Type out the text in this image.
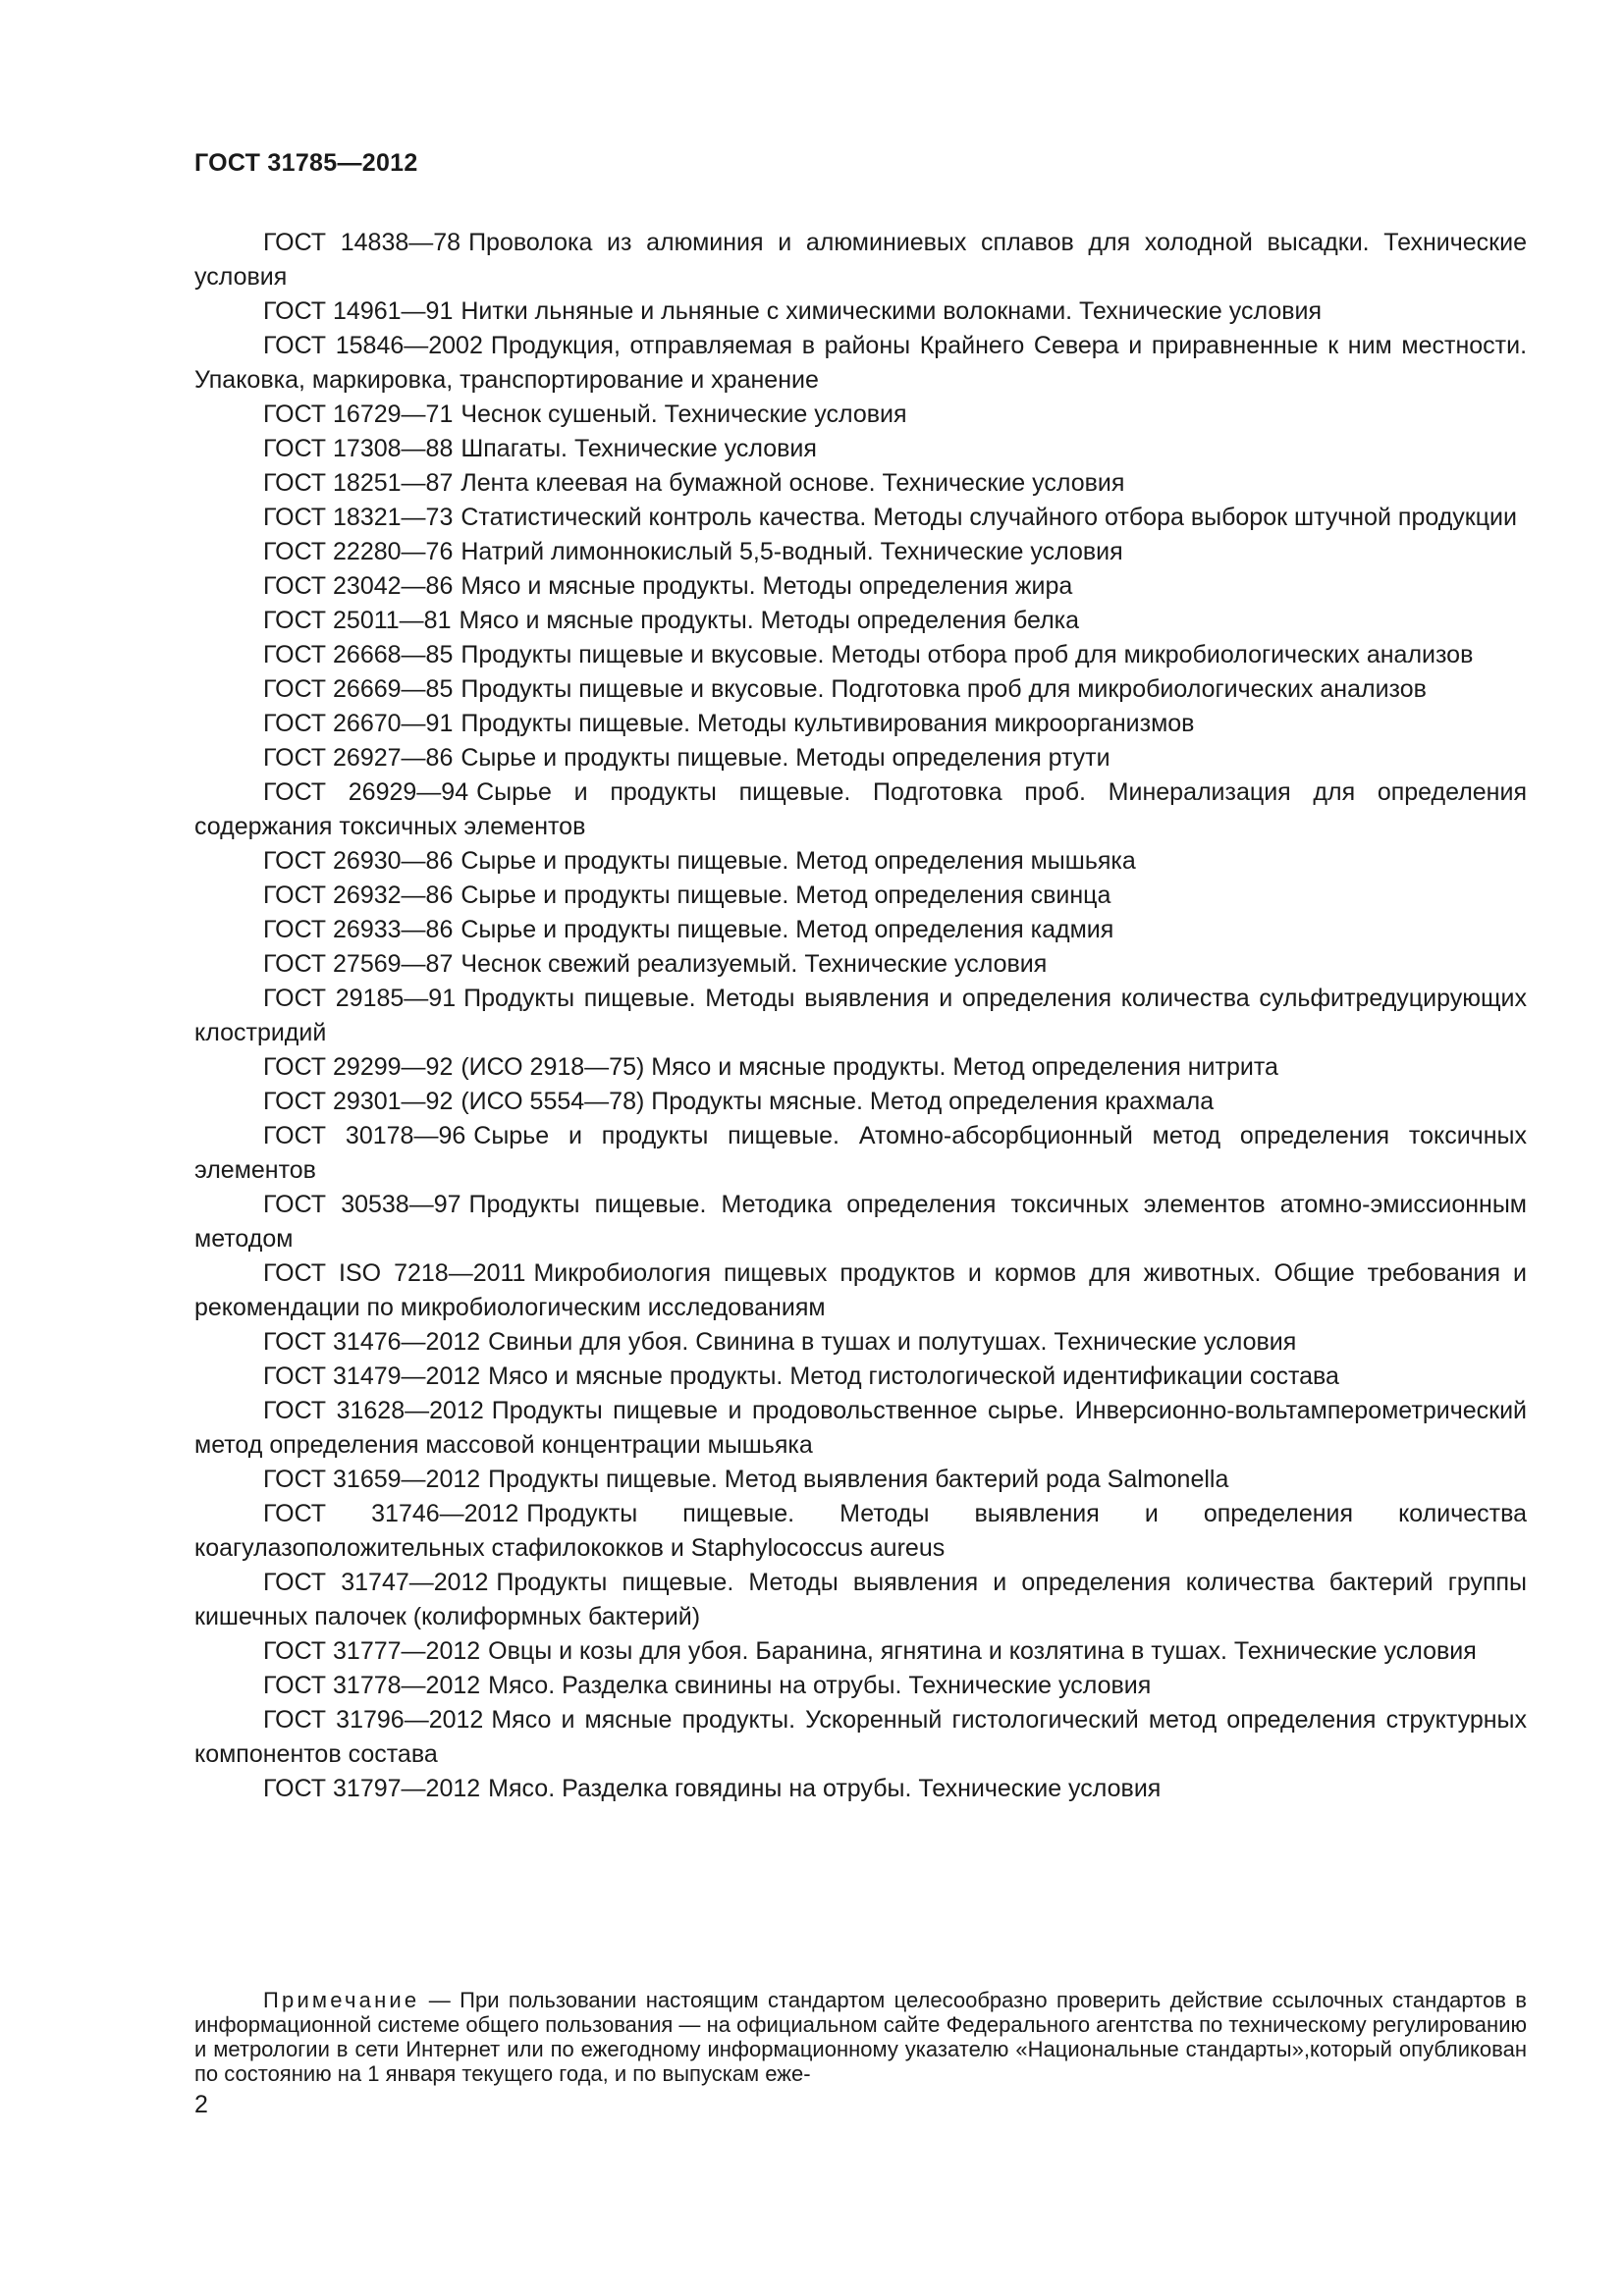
ГОСТ 31785—2012

ГОСТ 14838—78 Проволока из алюминия и алюминиевых сплавов для холодной высадки. Технические условия

ГОСТ 14961—91 Нитки льняные и льняные с химическими волокнами. Технические условия

ГОСТ 15846—2002 Продукция, отправляемая в районы Крайнего Севера и приравненные к ним местности. Упаковка, маркировка, транспортирование и хранение

ГОСТ 16729—71 Чеснок сушеный. Технические условия

ГОСТ 17308—88 Шпагаты. Технические условия

ГОСТ 18251—87 Лента клеевая на бумажной основе. Технические условия

ГОСТ 18321—73 Статистический контроль качества. Методы случайного отбора выборок штучной продукции

ГОСТ 22280—76 Натрий лимоннокислый 5,5-водный. Технические условия

ГОСТ 23042—86 Мясо и мясные продукты. Методы определения жира

ГОСТ 25011—81 Мясо и мясные продукты. Методы определения белка

ГОСТ 26668—85 Продукты пищевые и вкусовые. Методы отбора проб для микробиологических анализов

ГОСТ 26669—85 Продукты пищевые и вкусовые. Подготовка проб для микробиологических анализов

ГОСТ 26670—91 Продукты пищевые. Методы культивирования микроорганизмов

ГОСТ 26927—86 Сырье и продукты пищевые. Методы определения ртути

ГОСТ 26929—94 Сырье и продукты пищевые. Подготовка проб. Минерализация для определения содержания токсичных элементов

ГОСТ 26930—86 Сырье и продукты пищевые. Метод определения мышьяка

ГОСТ 26932—86 Сырье и продукты пищевые. Метод определения свинца

ГОСТ 26933—86 Сырье и продукты пищевые. Метод определения кадмия

ГОСТ 27569—87 Чеснок свежий реализуемый. Технические условия

ГОСТ 29185—91 Продукты пищевые. Методы выявления и определения количества сульфитредуцирующих клостридий

ГОСТ 29299—92 (ИСО 2918—75) Мясо и мясные продукты. Метод определения нитрита

ГОСТ 29301—92 (ИСО 5554—78) Продукты мясные. Метод определения крахмала

ГОСТ 30178—96 Сырье и продукты пищевые. Атомно-абсорбционный метод определения токсичных элементов

ГОСТ 30538—97 Продукты пищевые. Методика определения токсичных элементов атомно-эмиссионным методом

ГОСТ ISO 7218—2011 Микробиология пищевых продуктов и кормов для животных. Общие требования и рекомендации по микробиологическим исследованиям

ГОСТ 31476—2012 Свиньи для убоя. Свинина в тушах и полутушах. Технические условия

ГОСТ 31479—2012 Мясо и мясные продукты. Метод гистологической идентификации состава

ГОСТ 31628—2012 Продукты пищевые и продовольственное сырье. Инверсионно-вольтамперометрический метод определения массовой концентрации мышьяка

ГОСТ 31659—2012 Продукты пищевые. Метод выявления бактерий рода Salmonella

ГОСТ 31746—2012 Продукты пищевые. Методы выявления и определения количества коагулазоположительных стафилококков и Staphylococcus aureus

ГОСТ 31747—2012 Продукты пищевые. Методы выявления и определения количества бактерий группы кишечных палочек (колиформных бактерий)

ГОСТ 31777—2012 Овцы и козы для убоя. Баранина, ягнятина и козлятина в тушах. Технические условия

ГОСТ 31778—2012 Мясо. Разделка свинины на отрубы. Технические условия

ГОСТ 31796—2012 Мясо и мясные продукты. Ускоренный гистологический метод определения структурных компонентов состава

ГОСТ 31797—2012 Мясо. Разделка говядины на отрубы. Технические условия

Примечание — При пользовании настоящим стандартом целесообразно проверить действие ссылочных стандартов в информационной системе общего пользования — на официальном сайте Федерального агентства по техническому регулированию и метрологии в сети Интернет или по ежегодному информационному указателю «Национальные стандарты»,который опубликован по состоянию на 1 января текущего года, и по выпускам еже-

2
